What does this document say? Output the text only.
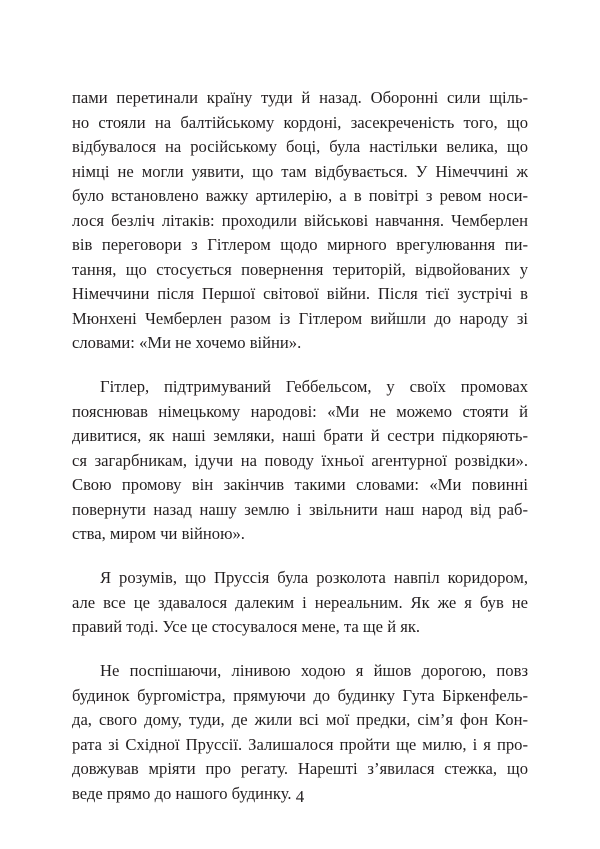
пами перетинали країну туди й назад. Оборонні сили щіль-
но стояли на балтійському кордоні, засекреченість того, що
відбувалося на російському боці, була настільки велика, що
німці не могли уявити, що там відбувається. У Німеччині ж
було встановлено важку артилерію, а в повітрі з ревом носи-
лося безліч літаків: проходили військові навчання. Чемберлен
вів переговори з Гітлером щодо мирного врегулювання пи-
тання, що стосується повернення територій, відвойованих у
Німеччини після Першої світової війни. Після тієї зустрічі в
Мюнхені Чемберлен разом із Гітлером вийшли до народу зі
словами: «Ми не хочемо війни».
Гітлер, підтримуваний Геббельсом, у своїх промовах
пояснював німецькому народові: «Ми не можемо стояти й
дивитися, як наші земляки, наші брати й сестри підкоряють-
ся загарбникам, ідучи на поводу їхньої агентурної розвідки».
Свою промову він закінчив такими словами: «Ми повинні
повернути назад нашу землю і звільнити наш народ від раб-
ства, миром чи війною».
Я розумів, що Пруссія була розколота навпіл коридором,
але все це здавалося далеким і нереальним. Як же я був не
правий тоді. Усе це стосувалося мене, та ще й як.
Не поспішаючи, лінивою ходою я йшов дорогою, повз
будинок бургомістра, прямуючи до будинку Гута Біркенфель-
да, свого дому, туди, де жили всі мої предки, сім’я фон Кон-
рата зі Східної Пруссії. Залишалося пройти ще милю, і я про-
довжував мріяти про регату. Нарешті з’явилася стежка, що
веде прямо до нашого будинку. 4
